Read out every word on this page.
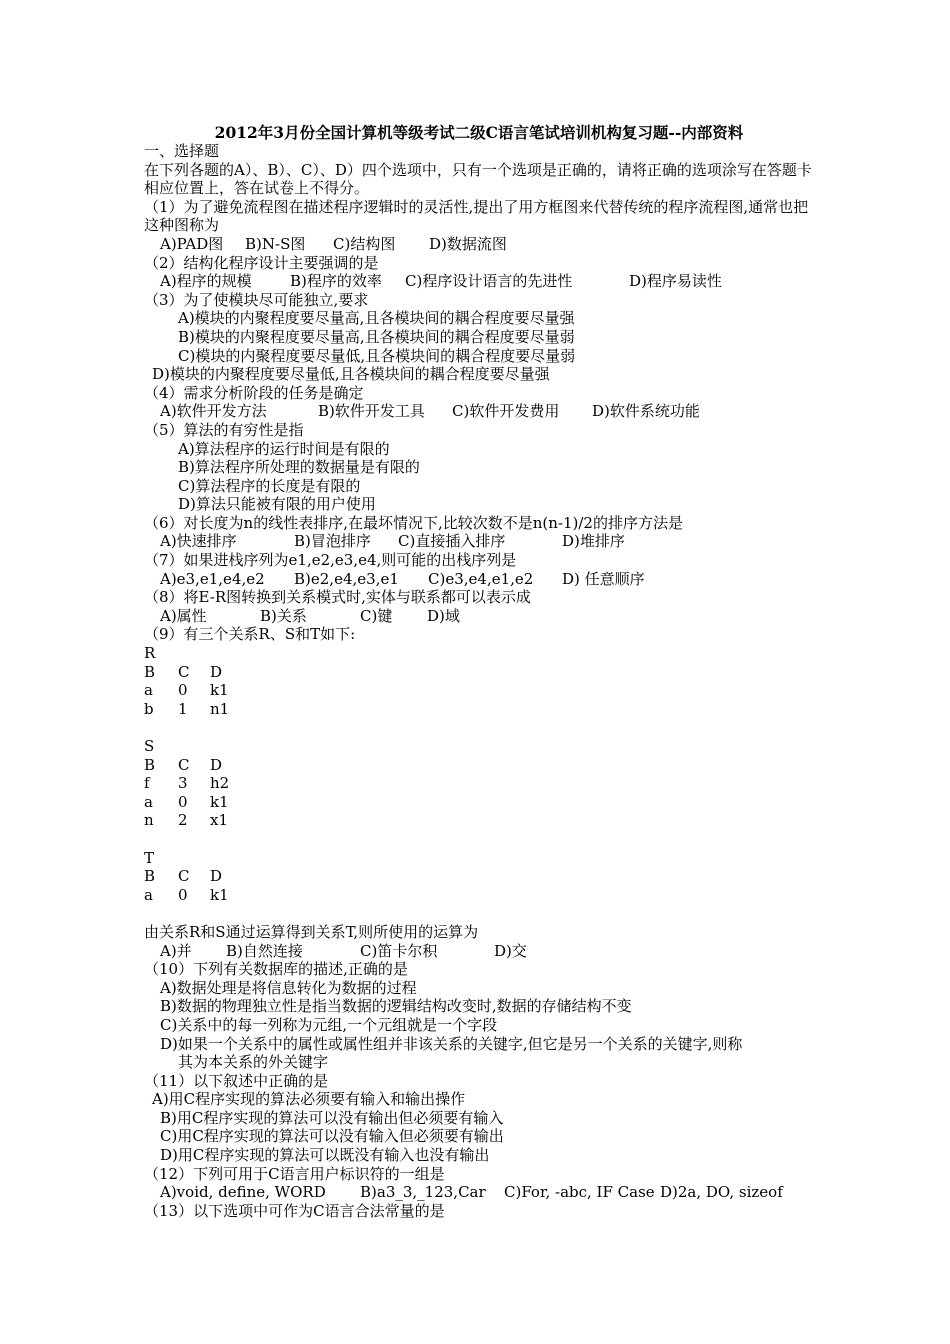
2012年3月份全国计算机等级考试二级C语言笔试培训机构复习题--内部资料
一、选择题
在下列各题的A）、B）、C）、D）四个选项中，只有一个选项是正确的，请将正确的选项涂写在答题卡相应位置上，答在试卷上不得分。
（1）为了避免流程图在描述程序逻辑时的灵活性,提出了用方框图来代替传统的程序流程图,通常也把这种图称为
A)PAD图 B)N-S图 C)结构图 D)数据流图
（2）结构化程序设计主要强调的是
A)程序的规模	B)程序的效率 C)程序设计语言的先进性	D)程序易读性
（3）为了使模块尽可能独立,要求
A)模块的内聚程度要尽量高,且各模块间的耦合程度要尽量强
B)模块的内聚程度要尽量高,且各模块间的耦合程度要尽量弱
C)模块的内聚程度要尽量低,且各模块间的耦合程度要尽量弱
D)模块的内聚程度要尽量低,且各模块间的耦合程度要尽量强
（4）需求分析阶段的任务是确定
A)软件开发方法	B)软件开发工具 C)软件开发费用 D)软件系统功能
（5）算法的有穷性是指
A)算法程序的运行时间是有限的
B)算法程序所处理的数据量是有限的
C)算法程序的长度是有限的
D)算法只能被有限的用户使用
（6）对长度为n的线性表排序,在最坏情况下,比较次数不是n(n-1)/2的排序方法是
A)快速排序	B)冒泡排序 C)直接插入排序	D)堆排序
（7）如果进栈序列为e1,e2,e3,e4,则可能的出栈序列是
A)e3,e1,e4,e2 B)e2,e4,e3,e1 C)e3,e4,e1,e2 D) 任意顺序
（8）将E-R图转换到关系模式时,实体与联系都可以表示成
A)属性	B)关系	C)键 D)域
（9）有三个关系R、S和T如下:
R
B C D
a 0 k1
b 1 n1
S
B C D
f 3 h2
a 0 k1
n 2 x1
T
B C D
a 0 k1
由关系R和S通过运算得到关系T,则所使用的运算为
A)并 B)自然连接	C)笛卡尔积	D)交
（10）下列有关数据库的描述,正确的是
A)数据处理是将信息转化为数据的过程
B)数据的物理独立性是指当数据的逻辑结构改变时,数据的存储结构不变
C)关系中的每一列称为元组,一个元组就是一个字段
D)如果一个关系中的属性或属性组并非该关系的关键字,但它是另一个关系的关键字,则称
其为本关系的外关键字
（11）以下叙述中正确的是
A)用C程序实现的算法必须要有输入和输出操作
B)用C程序实现的算法可以没有输出但必须要有输入
C)用C程序实现的算法可以没有输入但必须要有输出
D)用C程序实现的算法可以既没有输入也没有输出
（12）下列可用于C语言用户标识符的一组是
A)void, define, WORD B)a3_3,_123,Car C)For, -abc, IF Case D)2a, DO, sizeof
（13）以下选项中可作为C语言合法常量的是
